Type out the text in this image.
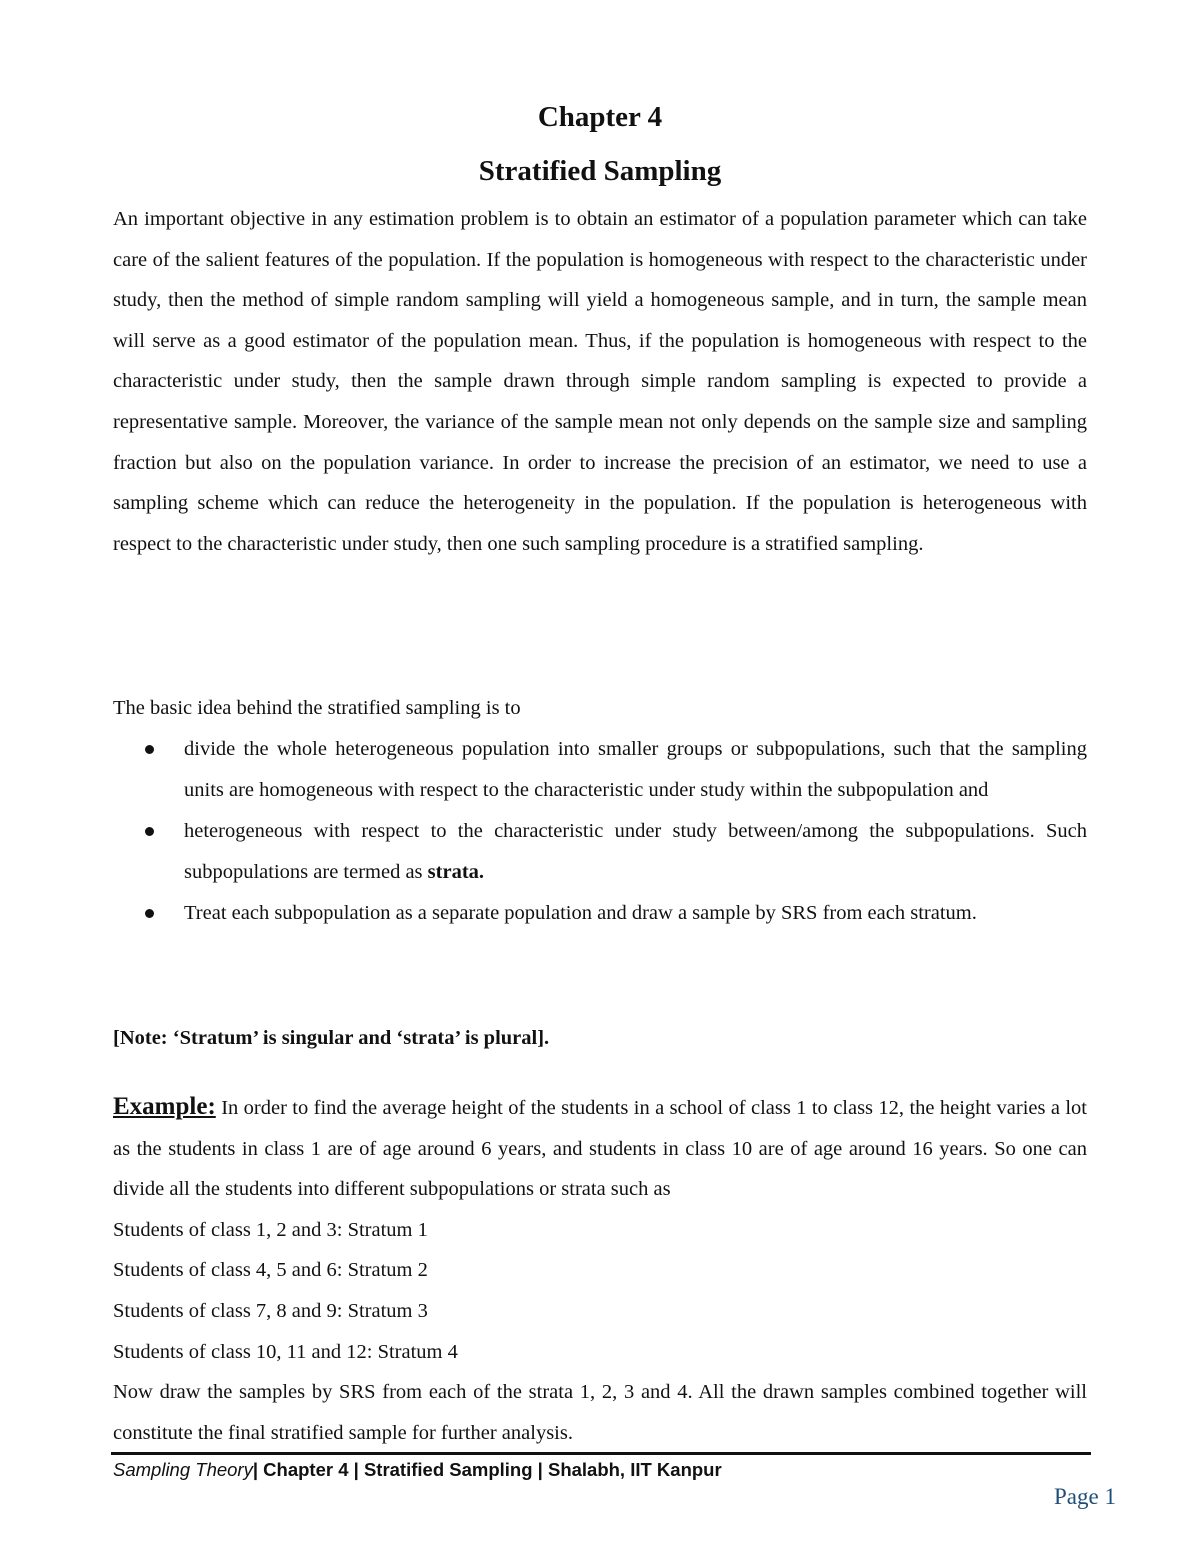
Chapter 4
Stratified Sampling
An important objective in any estimation problem is to obtain an estimator of a population parameter which can take care of the salient features of the population. If the population is homogeneous with respect to the characteristic under study, then the method of simple random sampling will yield a homogeneous sample, and in turn, the sample mean will serve as a good estimator of the population mean. Thus, if the population is homogeneous with respect to the characteristic under study, then the sample drawn through simple random sampling is expected to provide a representative sample. Moreover, the variance of the sample mean not only depends on the sample size and sampling fraction but also on the population variance. In order to increase the precision of an estimator, we need to use a sampling scheme which can reduce the heterogeneity in the population. If the population is heterogeneous with respect to the characteristic under study, then one such sampling procedure is a stratified sampling.
The basic idea behind the stratified sampling is to
divide the whole heterogeneous population into smaller groups or subpopulations, such that the sampling units are homogeneous with respect to the characteristic under study within the subpopulation and
heterogeneous with respect to the characteristic under study between/among the subpopulations. Such subpopulations are termed as strata.
Treat each subpopulation as a separate population and draw a sample by SRS from each stratum.
[Note: ‘Stratum’ is singular and ‘strata’ is plural].
Example: In order to find the average height of the students in a school of class 1 to class 12, the height varies a lot as the students in class 1 are of age around 6 years, and students in class 10 are of age around 16 years. So one can divide all the students into different subpopulations or strata such as
Students of class 1, 2 and 3: Stratum 1
Students of class 4, 5 and 6: Stratum 2
Students of class 7, 8 and 9: Stratum 3
Students of class 10, 11 and 12: Stratum 4
Now draw the samples by SRS from each of the strata 1, 2, 3 and 4. All the drawn samples combined together will constitute the final stratified sample for further analysis.
Sampling Theory| Chapter 4 | Stratified Sampling | Shalabh, IIT Kanpur
Page 1
